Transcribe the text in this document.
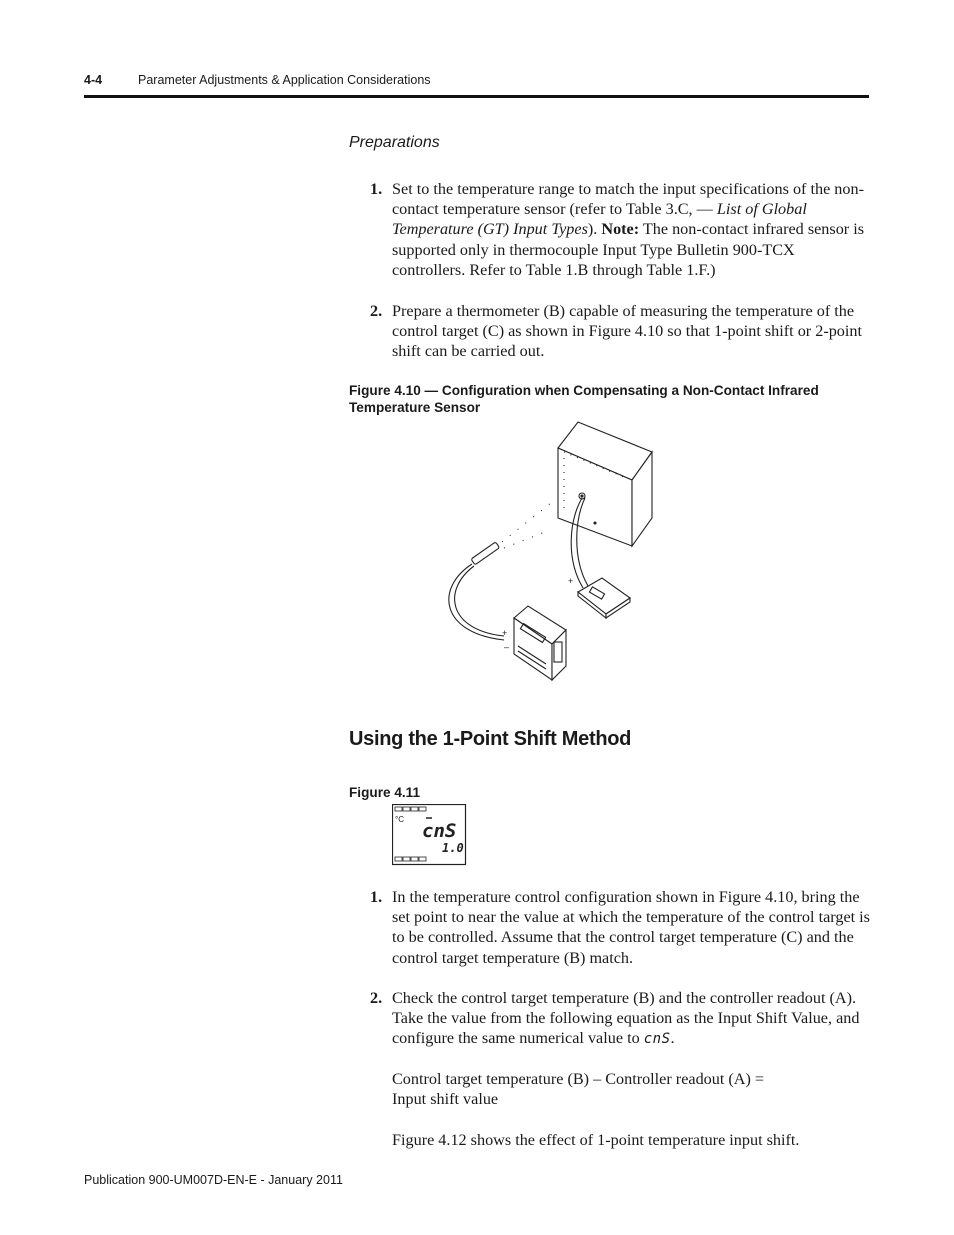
4-4	Parameter Adjustments & Application Considerations
Preparations
1. Set to the temperature range to match the input specifications of the non-contact temperature sensor (refer to Table 3.C, — List of Global Temperature (GT) Input Types). Note: The non-contact infrared sensor is supported only in thermocouple Input Type Bulletin 900-TCX controllers. Refer to Table 1.B through Table 1.F.)
2. Prepare a thermometer (B) capable of measuring the temperature of the control target (C) as shown in Figure 4.10 so that 1-point shift or 2-point shift can be carried out.
Figure 4.10 — Configuration when Compensating a Non-Contact Infrared Temperature Sensor
+
+
–
Using the 1-Point Shift Method
Figure 4.11
°C
cnS
1.0
1. In the temperature control configuration shown in Figure 4.10, bring the set point to near the value at which the temperature of the control target is to be controlled. Assume that the control target temperature (C) and the control target temperature (B) match.
2. Check the control target temperature (B) and the controller readout (A). Take the value from the following equation as the Input Shift Value, and configure the same numerical value to cnS.
Control target temperature (B) – Controller readout (A) =
Input shift value
Figure 4.12 shows the effect of 1-point temperature input shift.
Publication 900-UM007D-EN-E - January 2011
